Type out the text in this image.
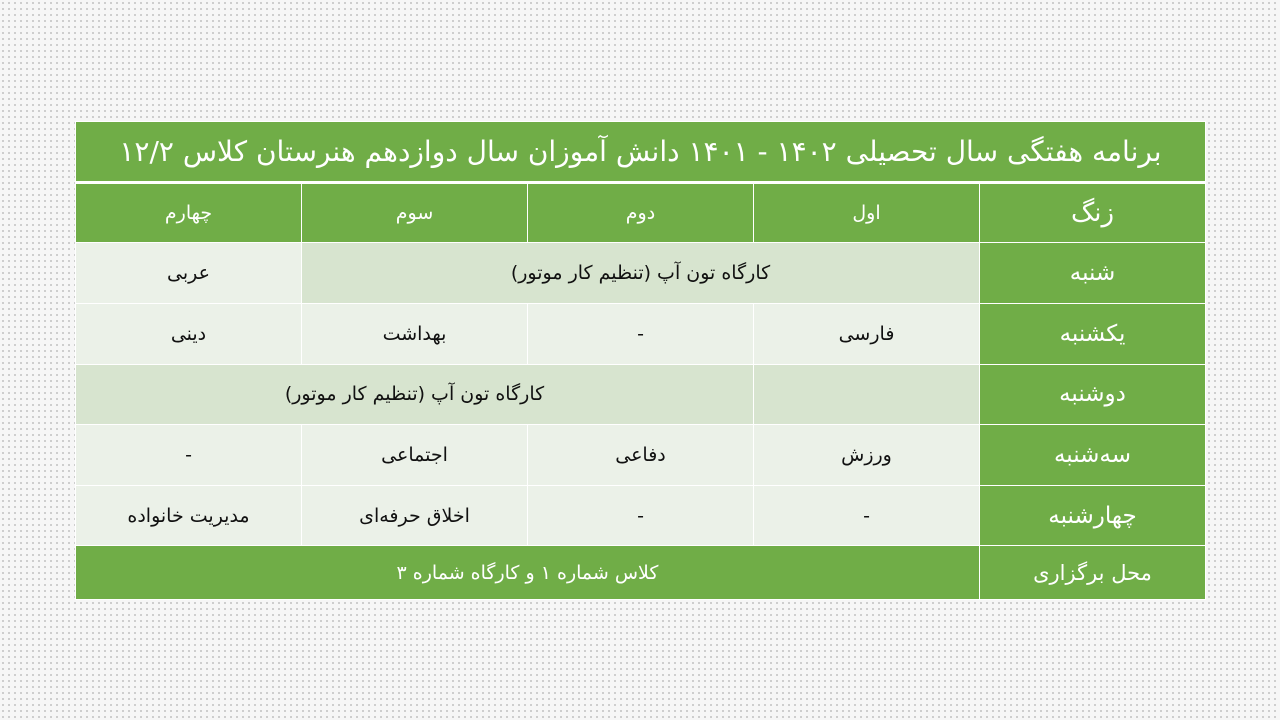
برنامه هفتگی سال تحصیلی ۱۴۰۲ - ۱۴۰۱ دانش آموزان سال دوازدهم هنرستان کلاس ۱۲/۲				
زنگ	اول	دوم	سوم	چهارم
شنبه	کارگاه تون آپ (تنظیم کار موتور)			عربی
یکشنبه	فارسی	-	بهداشت	دینی
دوشنبه		کارگاه تون آپ (تنظیم کار موتور)		
سه‌شنبه	ورزش	دفاعی	اجتماعی	-
چهارشنبه	-	-	اخلاق حرفه‌ای	مدیریت خانواده
محل برگزاری	کلاس شماره ۱ و کارگاه شماره ۳			
